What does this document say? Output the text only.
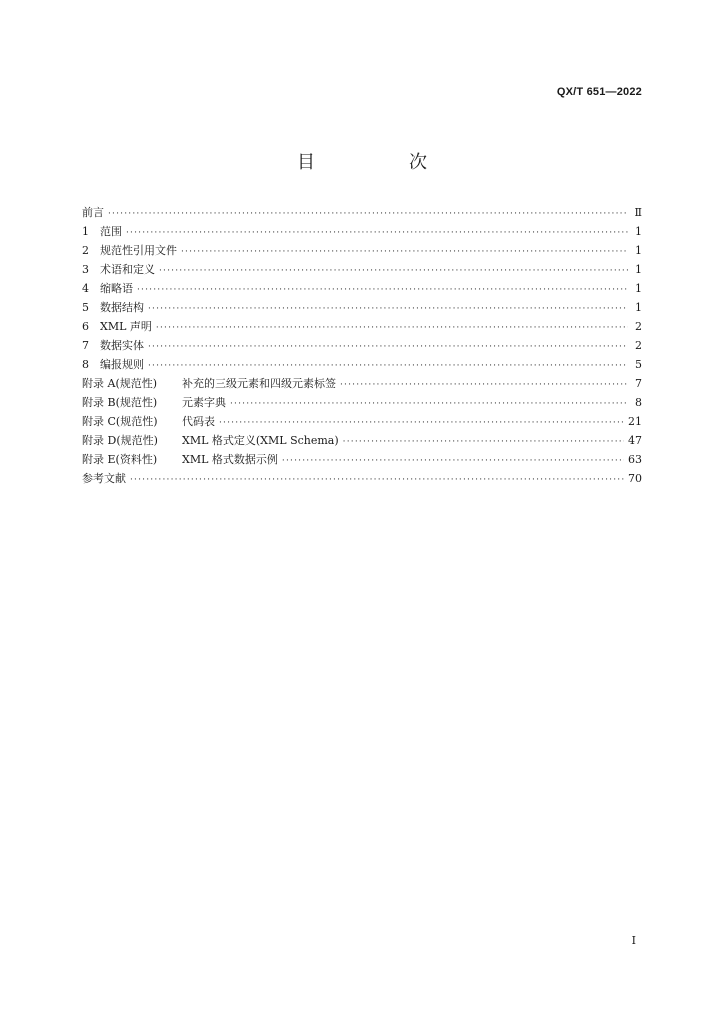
QX/T 651—2022
目　次
前言 ·····	Ⅱ
1 范围 ·····	1
2 规范性引用文件 ·····	1
3 术语和定义 ·····	1
4 缩略语 ·····	1
5 数据结构 ·····	1
6 XML 声明 ·····	2
7 数据实体 ·····	2
8 编报规则 ·····	5
附录 A(规范性) 补充的三级元素和四级元素标签 ·····	7
附录 B(规范性) 元素字典 ·····	8
附录 C(规范性) 代码表 ·····	21
附录 D(规范性) XML 格式定义(XML Schema) ·····	47
附录 E(资料性) XML 格式数据示例 ·····	63
参考文献 ·····	70
I
